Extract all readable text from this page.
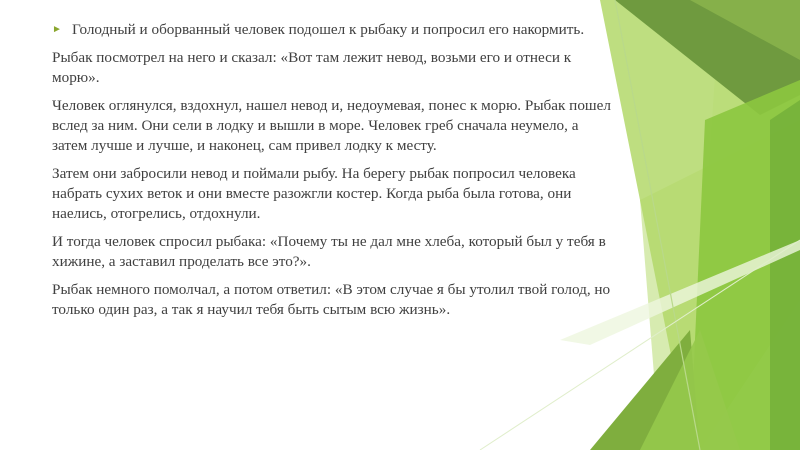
► Голодный и оборванный человек подошел к рыбаку и попросил его накормить.

Рыбак посмотрел на него и сказал: «Вот там лежит невод, возьми его и отнеси к морю».

Человек оглянулся, вздохнул, нашел невод и, недоумевая, понес к морю. Рыбак пошел вслед за ним. Они сели в лодку и вышли в море. Человек греб сначала неумело, а затем лучше и лучше, и наконец, сам привел лодку к месту.

Затем они забросили невод и поймали рыбу. На берегу рыбак попросил человека набрать сухих веток и они вместе разожгли костер. Когда рыба была готова, они наелись, отогрелись, отдохнули.

И тогда человек спросил рыбака: «Почему ты не дал мне хлеба, который был у тебя в хижине, а заставил проделать все это?».

Рыбак немного помолчал, а потом ответил: «В этом случае я бы утолил твой голод, но только один раз, а так я научил тебя быть сытым всю жизнь».
